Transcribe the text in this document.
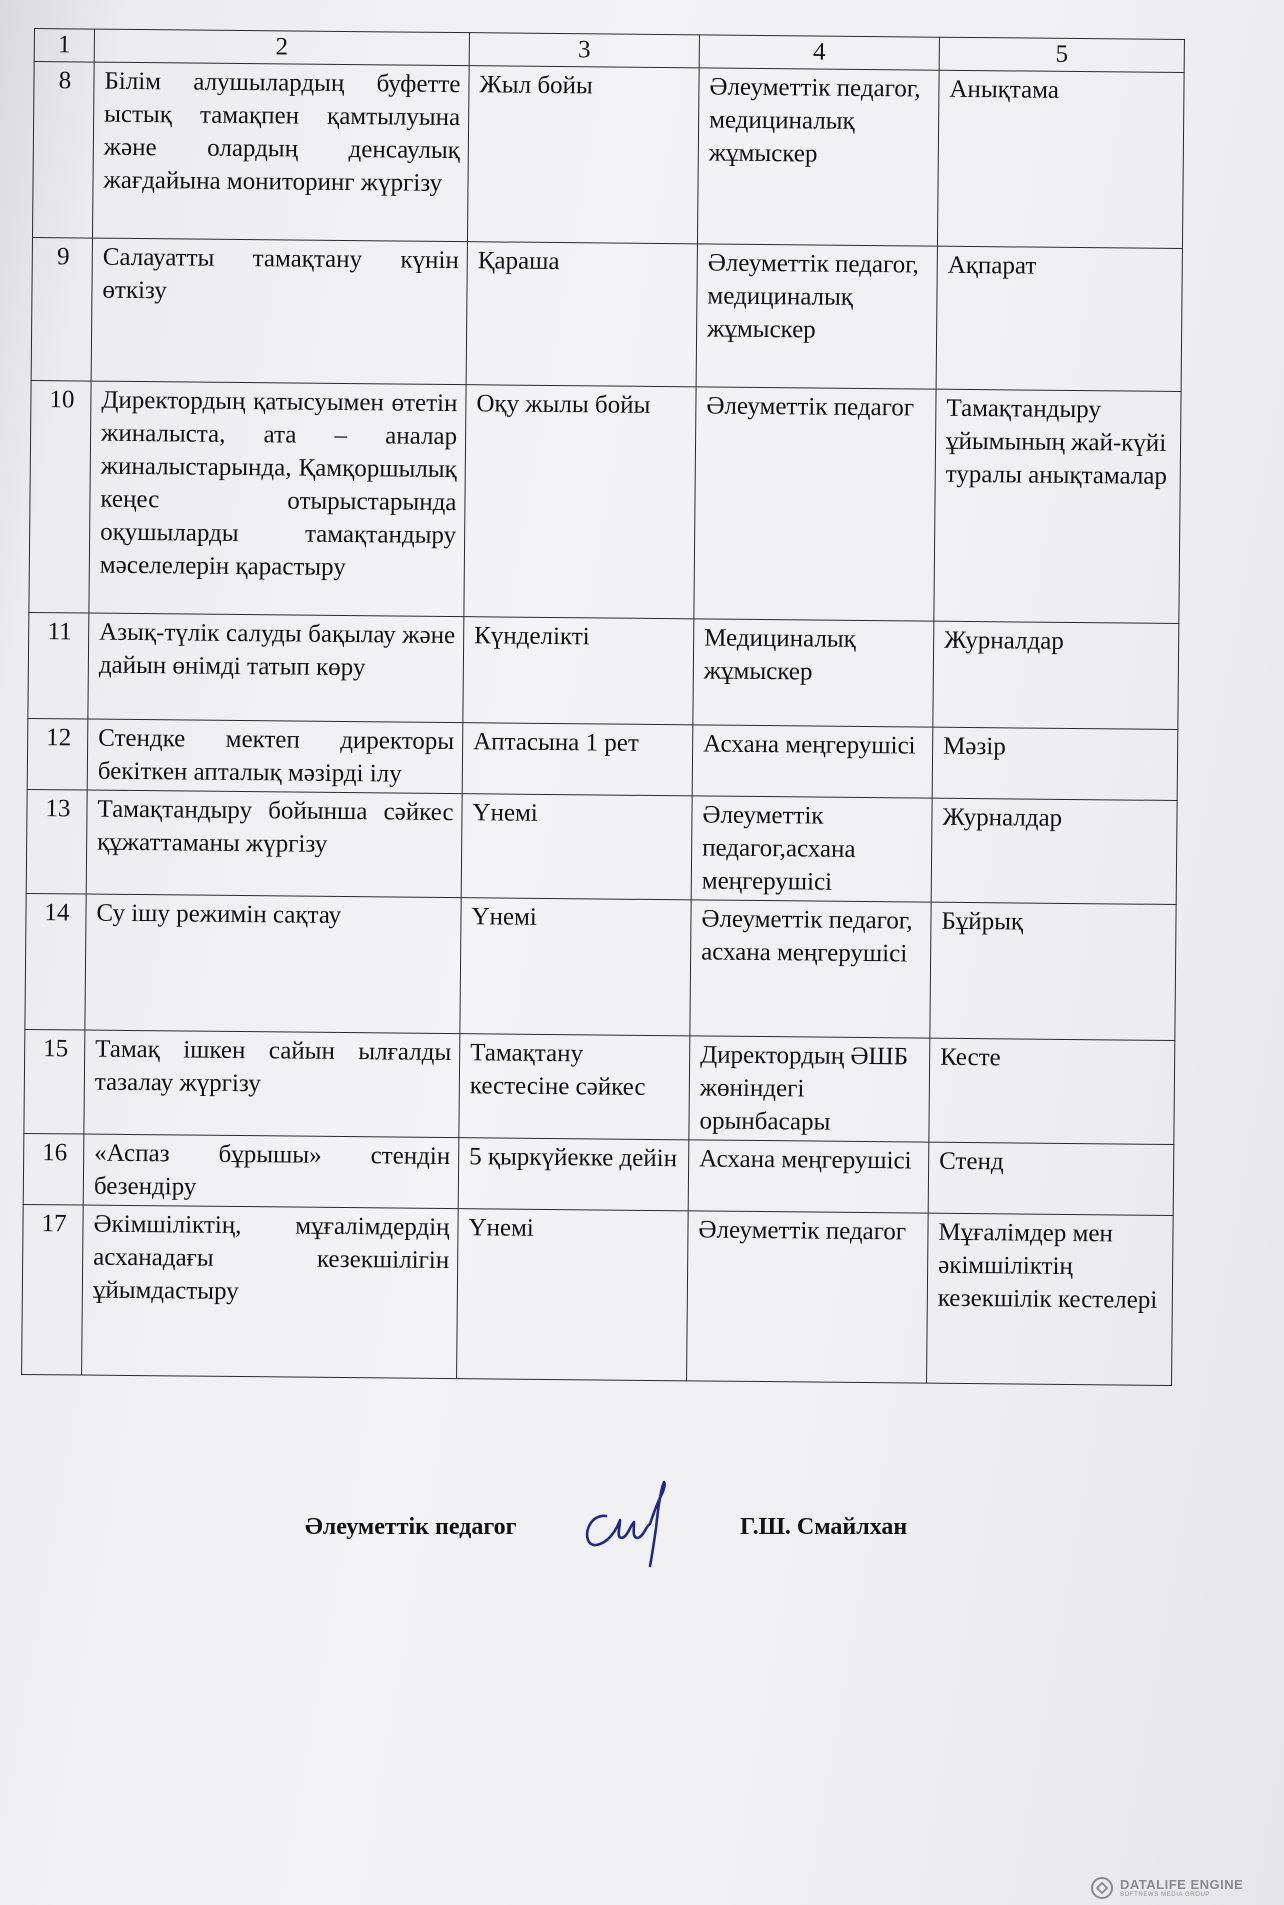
1	2	3	4	5
8	Білім алушылардың буфетте ыстық тамақпен қамтылуына және олардың денсаулық жағдайына мониторинг жүргізу	Жыл бойы	Әлеуметтік педагог, медициналық жұмыскер	Анықтама
9	Салауатты тамақтану күнін өткізу	Қараша	Әлеуметтік педагог, медициналық жұмыскер	Ақпарат
10	Директордың қатысуымен өтетін жиналыста, ата – аналар жиналыстарында, Қамқоршылық кеңес отырыстарында оқушыларды тамақтандыру мәселелерін қарастыру	Оқу жылы бойы	Әлеуметтік педагог	Тамақтандыру ұйымының жай-күйі туралы анықтамалар
11	Азық-түлік салуды бақылау және дайын өнімді татып көру	Күнделікті	Медициналық жұмыскер	Журналдар
12	Стендке мектеп директоры бекіткен апталық мәзірді ілу	Аптасына 1 рет	Асхана меңгерушісі	Мәзір
13	Тамақтандыру бойынша сәйкес құжаттаманы жүргізу	Үнемі	Әлеуметтік педагог,асхана меңгерушісі	Журналдар
14	Су ішу режимін сақтау	Үнемі	Әлеуметтік педагог, асхана меңгерушісі	Бұйрық
15	Тамақ ішкен сайын ылғалды тазалау жүргізу	Тамақтану кестесіне сәйкес	Директордың ӘШБ жөніндегі орынбасары	Кесте
16	«Аспаз бұрышы» стендін безендіру	5 қыркүйекке дейін	Асхана меңгерушісі	Стенд
17	Әкімшіліктің, мұғалімдердің асханадағы кезекшілігін ұйымдастыру	Үнемі	Әлеуметтік педагог	Мұғалімдер мен әкімшіліктің кезекшілік кестелері
Әлеуметтік педагог	Г.Ш. Смайлхан
DATALIFE ENGINE
SOFTNEWS MEDIA GROUP
